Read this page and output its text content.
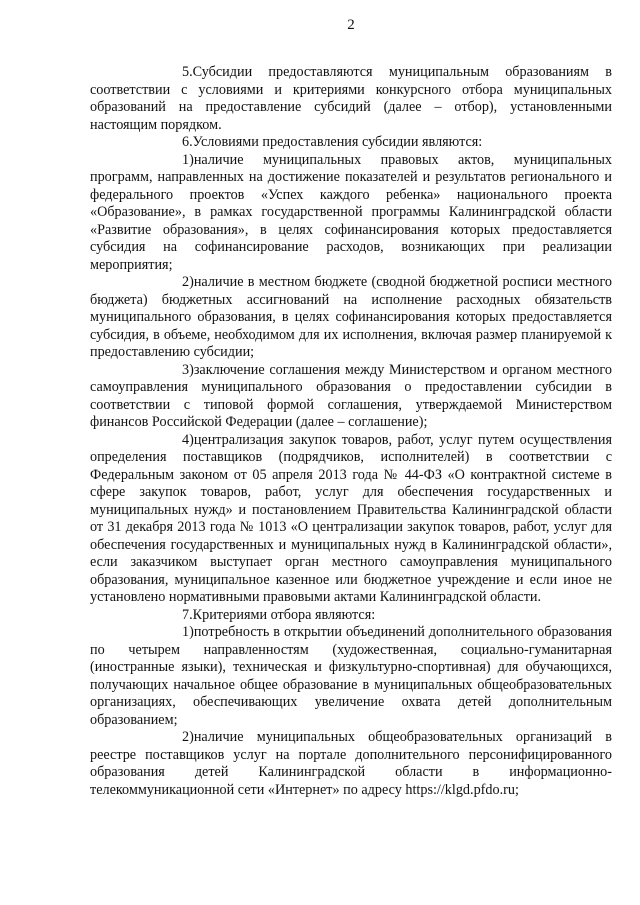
2

5.Субсидии предоставляются муниципальным образованиям в соответствии с условиями и критериями конкурсного отбора муниципальных образований на предоставление субсидий (далее – отбор), установленными настоящим порядком.

6.Условиями предоставления субсидии являются:

1)наличие муниципальных правовых актов, муниципальных программ, направленных на достижение показателей и результатов регионального и федерального проектов «Успех каждого ребенка» национального проекта «Образование», в рамках государственной программы Калининградской области «Развитие образования», в целях софинансирования которых предоставляется субсидия на софинансирование расходов, возникающих при реализации мероприятия;

2)наличие в местном бюджете (сводной бюджетной росписи местного бюджета) бюджетных ассигнований на исполнение расходных обязательств муниципального образования, в целях софинансирования которых предоставляется субсидия, в объеме, необходимом для их исполнения, включая размер планируемой к предоставлению субсидии;

3)заключение соглашения между Министерством и органом местного самоуправления муниципального образования о предоставлении субсидии в соответствии с типовой формой соглашения, утверждаемой Министерством финансов Российской Федерации (далее – соглашение);

4)централизация закупок товаров, работ, услуг путем осуществления определения поставщиков (подрядчиков, исполнителей) в соответствии с Федеральным законом от 05 апреля 2013 года № 44-ФЗ «О контрактной системе в сфере закупок товаров, работ, услуг для обеспечения государственных и муниципальных нужд» и постановлением Правительства Калининградской области от 31 декабря 2013 года № 1013 «О централизации закупок товаров, работ, услуг для обеспечения государственных и муниципальных нужд в Калининградской области», если заказчиком выступает орган местного самоуправления муниципального образования, муниципальное казенное или бюджетное учреждение и если иное не установлено нормативными правовыми актами Калининградской области.

7.Критериями отбора являются:

1)потребность в открытии объединений дополнительного образования по четырем направленностям (художественная, социально-гуманитарная (иностранные языки), техническая и физкультурно-спортивная) для обучающихся, получающих начальное общее образование в муниципальных общеобразовательных организациях, обеспечивающих увеличение охвата детей дополнительным образованием;

2)наличие муниципальных общеобразовательных организаций в реестре поставщиков услуг на портале дополнительного персонифицированного образования детей Калининградской области в информационно-телекоммуникационной сети «Интернет» по адресу https://klgd.pfdo.ru;
